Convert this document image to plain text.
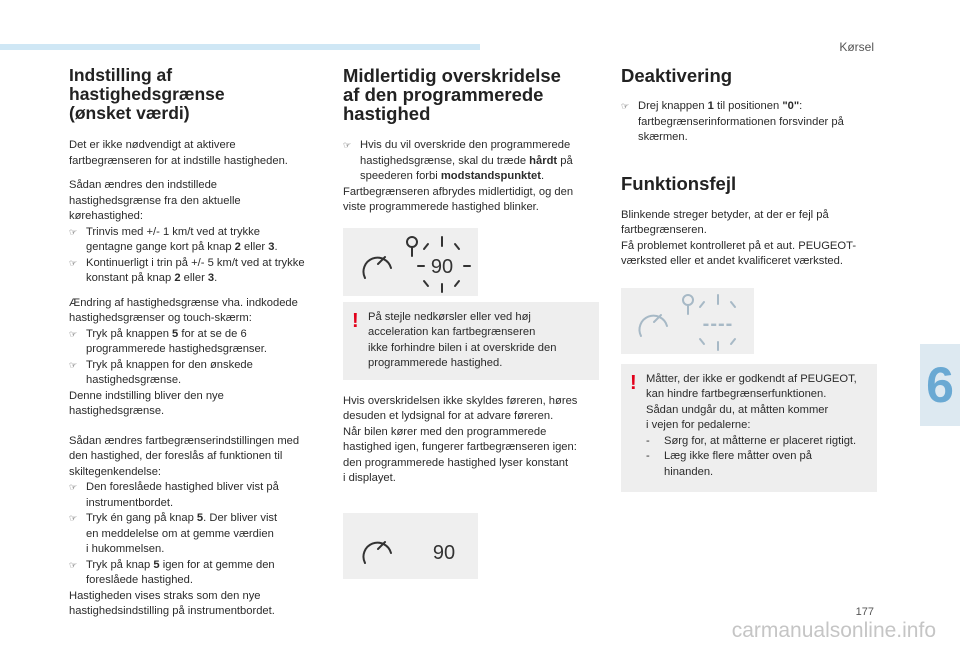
Kørsel
6
177
carmanualsonline.info
Indstilling af hastighedsgrænse
(ønsket værdi)

Det er ikke nødvendigt at aktivere
fartbegrænseren for at indstille hastigheden.

Sådan ændres den indstillede
hastighedsgrænse fra den aktuelle
kørehastighed:
☞ Trinvis med +/- 1 km/t ved at trykke
gentagne gange kort på knap 2 eller 3.
☞ Kontinuerligt i trin på +/- 5 km/t ved at trykke
konstant på knap 2 eller 3.

Ændring af hastighedsgrænse vha. indkodede
hastighedsgrænser og touch-skærm:
☞ Tryk på knappen 5 for at se de 6
programmerede hastighedsgrænser.
☞ Tryk på knappen for den ønskede
hastighedsgrænse.
Denne indstilling bliver den nye
hastighedsgrænse.

Sådan ændres fartbegrænserindstillingen med
den hastighed, der foreslås af funktionen til
skiltegenkendelse:
☞ Den foreslåede hastighed bliver vist på
instrumentbordet.
☞ Tryk én gang på knap 5. Der bliver vist
en meddelelse om at gemme værdien
i hukommelsen.
☞ Tryk på knap 5 igen for at gemme den
foreslåede hastighed.
Hastigheden vises straks som den nye
hastighedsindstilling på instrumentbordet.

Midlertidig overskridelse
af den programmerede
hastighed

☞ Hvis du vil overskride den programmerede
hastighedsgrænse, skal du træde hårdt på
speederen forbi modstandspunktet.
Fartbegrænseren afbrydes midlertidigt, og den
viste programmerede hastighed blinker.

90
! På stejle nedkørsler eller ved høj
acceleration kan fartbegrænseren
ikke forhindre bilen i at overskride den
programmerede hastighed.

Hvis overskridelsen ikke skyldes føreren, høres
desuden et lydsignal for at advare føreren.
Når bilen kører med den programmerede
hastighed igen, fungerer fartbegrænseren igen:
den programmerede hastighed lyser konstant
i displayet.

90
Deaktivering

☞ Drej knappen 1 til positionen "0":
fartbegrænserinformationen forsvinder på
skærmen.

Funktionsfejl

Blinkende streger betyder, at der er fejl på
fartbegrænseren.
Få problemet kontrolleret på et aut. PEUGEOT-
værksted eller et andet kvalificeret værksted.

----
! Måtter, der ikke er godkendt af PEUGEOT,
kan hindre fartbegrænserfunktionen.
Sådan undgår du, at måtten kommer
i vejen for pedalerne:
- Sørg for, at måtterne er placeret rigtigt.
- Læg ikke flere måtter oven på
hinanden.
